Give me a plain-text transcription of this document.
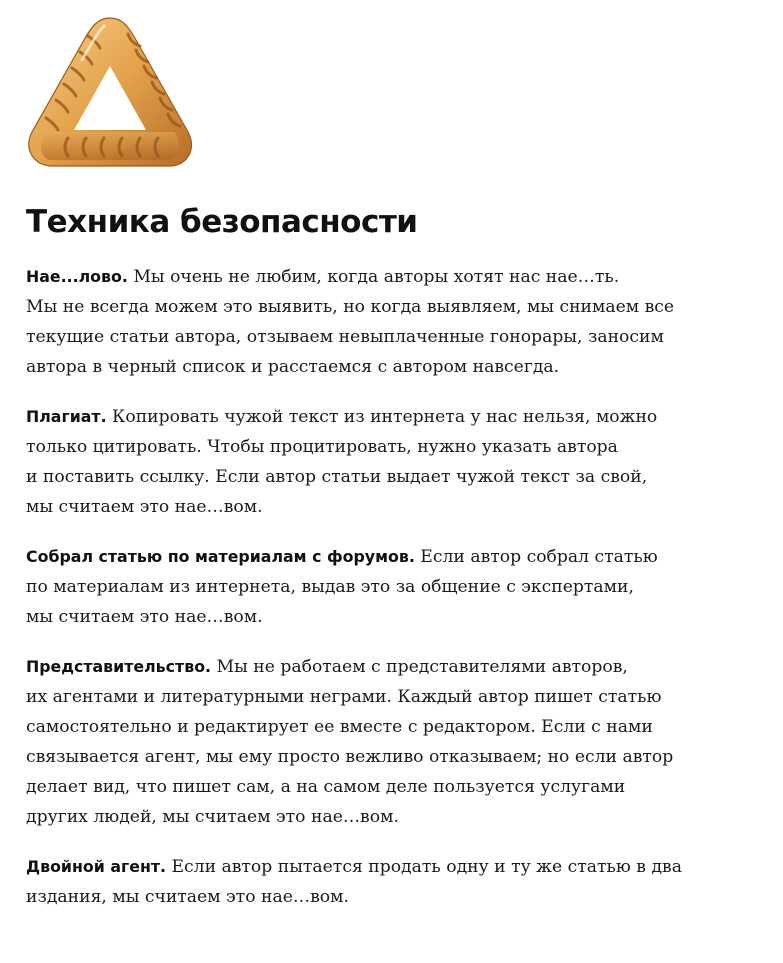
Техника безопасности

Нае...лово. Мы очень не любим, когда авторы хотят нас нае…ть.
Мы не всегда можем это выявить, но когда выявляем, мы снимаем все
текущие статьи автора, отзываем невыплаченные гонорары, заносим
автора в черный список и расстаемся с автором навсегда.

Плагиат. Копировать чужой текст из интернета у нас нельзя, можно
только цитировать. Чтобы процитировать, нужно указать автора
и поставить ссылку. Если автор статьи выдает чужой текст за свой,
мы считаем это нае…вом.

Собрал статью по материалам с форумов. Если автор собрал статью
по материалам из интернета, выдав это за общение с экспертами,
мы считаем это нае…вом.

Представительство. Мы не работаем с представителями авторов,
их агентами и литературными неграми. Каждый автор пишет статью
самостоятельно и редактирует ее вместе с редактором. Если с нами
связывается агент, мы ему просто вежливо отказываем; но если автор
делает вид, что пишет сам, а на самом деле пользуется услугами
других людей, мы считаем это нае…вом.

Двойной агент. Если автор пытается продать одну и ту же статью в два
издания, мы считаем это нае…вом.
